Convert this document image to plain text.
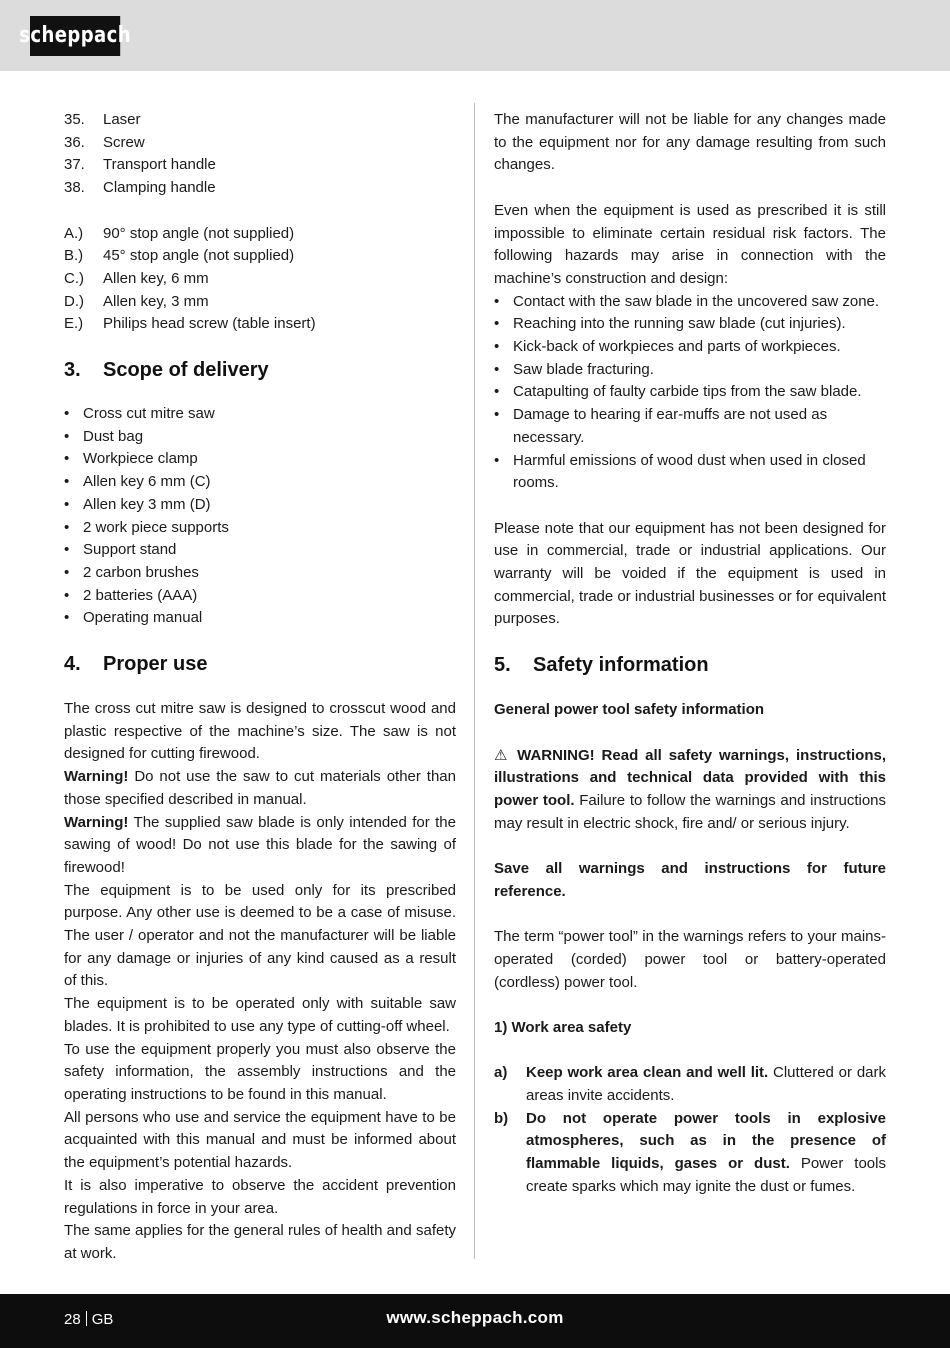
scheppach
35.	Laser
36.	Screw
37.	Transport handle
38.	Clamping handle
A.)	90° stop angle (not supplied)
B.)	45° stop angle (not supplied)
C.)	Allen key, 6 mm
D.)	Allen key, 3 mm
E.)	Philips head screw (table insert)
3.	Scope of delivery
• Cross cut mitre saw
• Dust bag
• Workpiece clamp
• Allen key 6 mm (C)
• Allen key 3 mm (D)
• 2 work piece supports
• Support stand
• 2 carbon brushes
• 2 batteries (AAA)
• Operating manual
4.	Proper use

The cross cut mitre saw is designed to crosscut wood and plastic respective of the machine’s size. The saw is not designed for cutting firewood.

Warning! Do not use the saw to cut materials other than those specified described in manual.

Warning! The supplied saw blade is only intended for the sawing of wood! Do not use this blade for the sawing of firewood!

The equipment is to be used only for its prescribed purpose. Any other use is deemed to be a case of misuse. The user / operator and not the manufacturer will be liable for any damage or injuries of any kind caused as a result of this.

The equipment is to be operated only with suitable saw blades. It is prohibited to use any type of cutting-off wheel.

To use the equipment properly you must also observe the safety information, the assembly instructions and the operating instructions to be found in this manual.

All persons who use and service the equipment have to be acquainted with this manual and must be informed about the equipment’s potential hazards.

It is also imperative to observe the accident prevention regulations in force in your area.

The same applies for the general rules of health and safety at work.

The manufacturer will not be liable for any changes made to the equipment nor for any damage resulting from such changes.

Even when the equipment is used as prescribed it is still impossible to eliminate certain residual risk factors. The following hazards may arise in connection with the machine’s construction and design:

• Contact with the saw blade in the uncovered saw zone.
• Reaching into the running saw blade (cut injuries).
• Kick-back of workpieces and parts of workpieces.
• Saw blade fracturing.
• Catapulting of faulty carbide tips from the saw blade.
• Damage to hearing if ear-muffs are not used as necessary.
• Harmful emissions of wood dust when used in closed rooms.

Please note that our equipment has not been designed for use in commercial, trade or industrial applications. Our warranty will be voided if the equipment is used in commercial, trade or industrial businesses or for equivalent purposes.

5.	Safety information

General power tool safety information

⚠ WARNING! Read all safety warnings, instructions, illustrations and technical data provided with this power tool. Failure to follow the warnings and instructions may result in electric shock, fire and/ or serious injury.

Save all warnings and instructions for future reference.

The term “power tool” in the warnings refers to your mains-operated (corded) power tool or battery-operated (cordless) power tool.

1) Work area safety

a)	Keep work area clean and well lit. Cluttered or dark areas invite accidents.
b)	Do not operate power tools in explosive atmospheres, such as in the presence of flammable liquids, gases or dust. Power tools create sparks which may ignite the dust or fumes.
28 GB	www.scheppach.com
